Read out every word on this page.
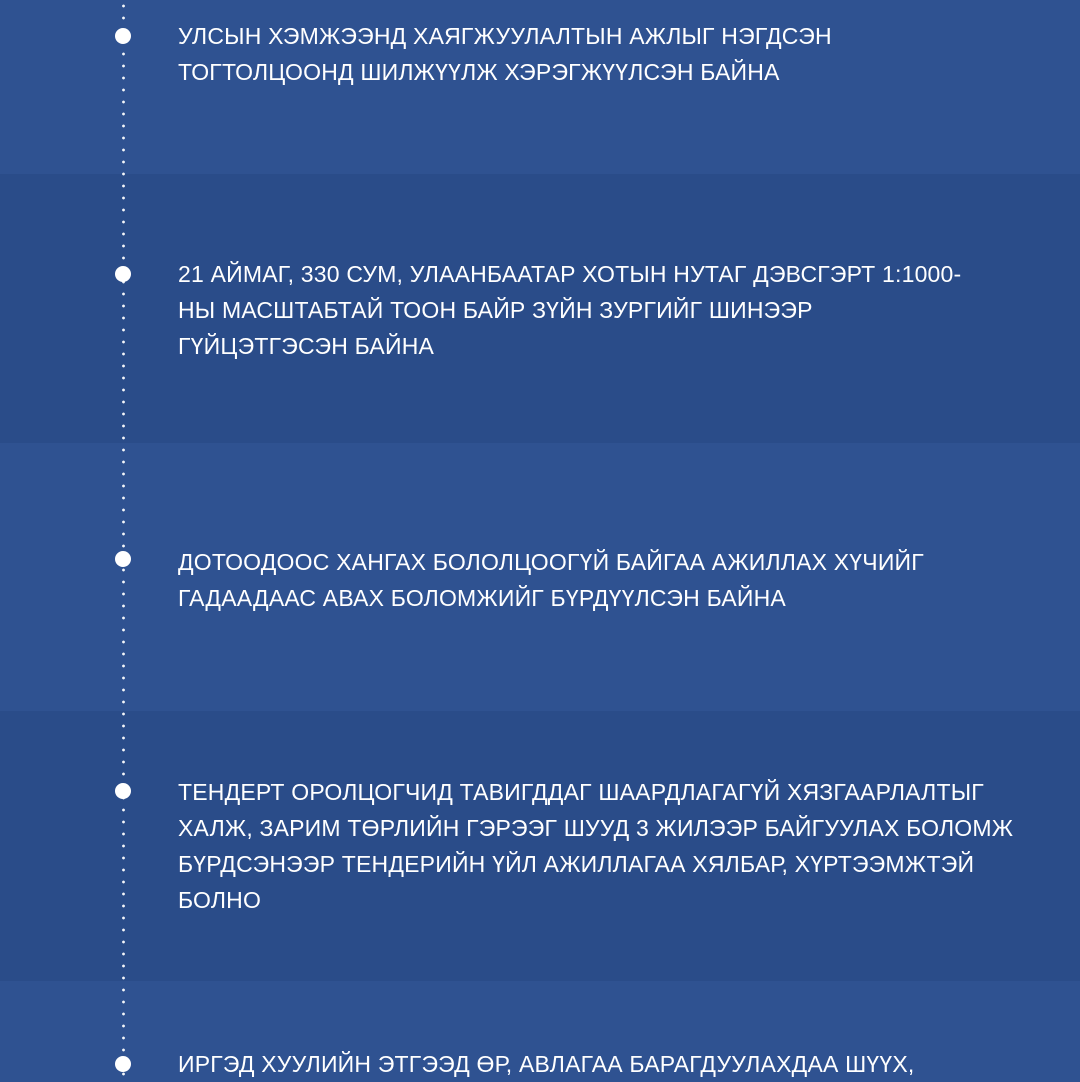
УЛСЫН ХЭМЖЭЭНД ХАЯГЖУУЛАЛТЫН АЖЛЫГ НЭГДСЭН ТОГТОЛЦООНД ШИЛЖҮҮЛЖ ХЭРЭГЖҮҮЛСЭН БАЙНА

21 АЙМАГ, 330 СУМ, УЛААНБААТАР ХОТЫН НУТАГ ДЭВСГЭРТ 1:1000-НЫ МАСШТАБТАЙ ТООН БАЙР ЗҮЙН ЗУРГИЙГ ШИНЭЭР ГҮЙЦЭТГЭСЭН БАЙНА

ДОТООДООС ХАНГАХ БОЛОЛЦООГҮЙ БАЙГАА АЖИЛЛАХ ХҮЧИЙГ ГАДААДААС АВАХ БОЛОМЖИЙГ БҮРДҮҮЛСЭН БАЙНА

ТЕНДЕРТ ОРОЛЦОГЧИД ТАВИГДДАГ ШААРДЛАГАГҮЙ ХЯЗГААРЛАЛТЫГ ХАЛЖ, ЗАРИМ ТӨРЛИЙН ГЭРЭЭГ ШУУД 3 ЖИЛЭЭР БАЙГУУЛАХ БОЛОМЖ БҮРДСЭНЭЭР ТЕНДЕРИЙН ҮЙЛ АЖИЛЛАГАА ХЯЛБАР, ХҮРТЭЭМЖТЭЙ БОЛНО

ИРГЭД ХУУЛИЙН ЭТГЭЭД ӨР, АВЛАГАА БАРАГДУУЛАХДАА ШҮҮХ,
